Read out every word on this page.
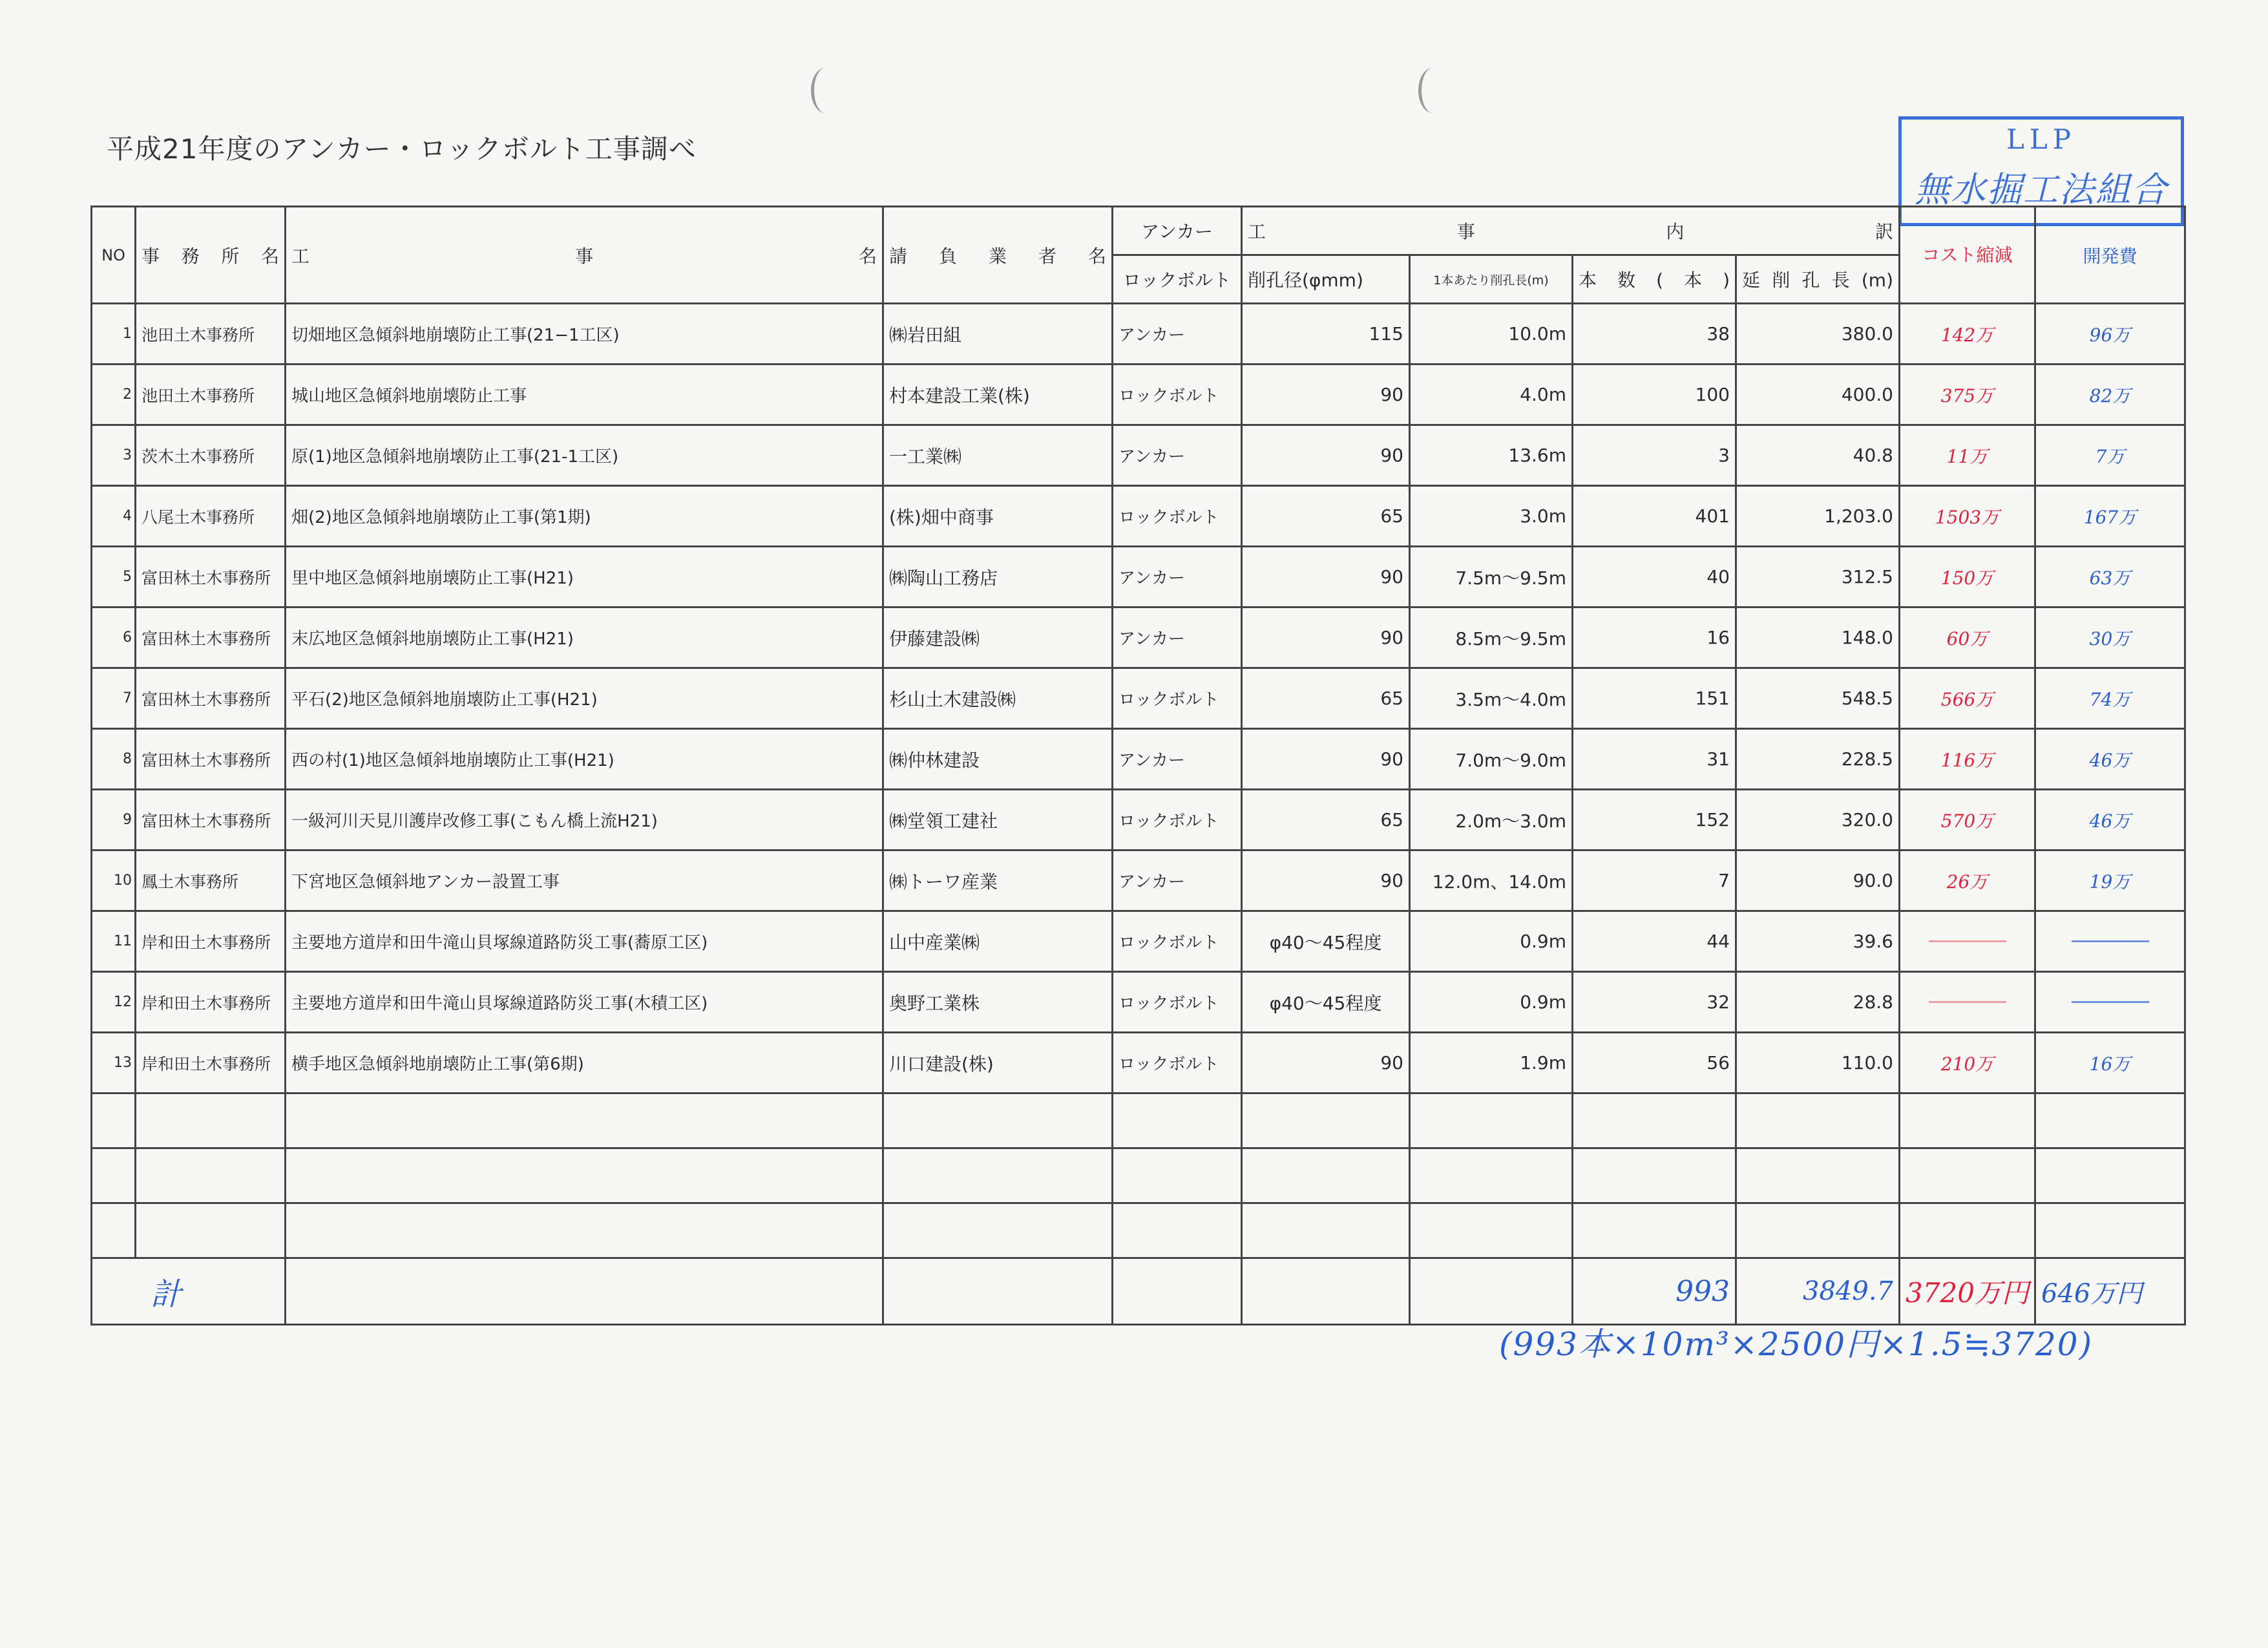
平成21年度のアンカー・ロックボルト工事調べ	LLP
無水掘工法組合
NO	事　務　所　名	工 事 名	請　負　業　者　名	アンカー	工 事 内 訳				コスト縮減	開発費
				ロックボルト	削孔径(φmm)	1本あたり削孔長(m)	本　数　(　本　)	延削孔長(m)		
1	池田土木事務所	切畑地区急傾斜地崩壊防止工事(21−1工区)	㈱岩田組	アンカー	115	10.0m	38	380.0	142万	96万
2	池田土木事務所	城山地区急傾斜地崩壊防止工事	村本建設工業(株)	ロックボルト	90	4.0m	100	400.0	375万	82万
3	茨木土木事務所	原(1)地区急傾斜地崩壊防止工事(21-1工区)	一工業㈱	アンカー	90	13.6m	3	40.8	11万	7万
4	八尾土木事務所	畑(2)地区急傾斜地崩壊防止工事(第1期)	(株)畑中商事	ロックボルト	65	3.0m	401	1,203.0	1503万	167万
5	富田林土木事務所	里中地区急傾斜地崩壊防止工事(H21)	㈱陶山工務店	アンカー	90	7.5m〜9.5m	40	312.5	150万	63万
6	富田林土木事務所	末広地区急傾斜地崩壊防止工事(H21)	伊藤建設㈱	アンカー	90	8.5m〜9.5m	16	148.0	60万	30万
7	富田林土木事務所	平石(2)地区急傾斜地崩壊防止工事(H21)	杉山土木建設㈱	ロックボルト	65	3.5m〜4.0m	151	548.5	566万	74万
8	富田林土木事務所	西の村(1)地区急傾斜地崩壊防止工事(H21)	㈱仲林建設	アンカー	90	7.0m〜9.0m	31	228.5	116万	46万
9	富田林土木事務所	一級河川天見川護岸改修工事(こもん橋上流H21)	㈱堂領工建社	ロックボルト	65	2.0m〜3.0m	152	320.0	570万	46万
10	鳳土木事務所	下宮地区急傾斜地アンカー設置工事	㈱トーワ産業	アンカー	90	12.0m、14.0m	7	90.0	26万	19万
11	岸和田土木事務所	主要地方道岸和田牛滝山貝塚線道路防災工事(蕎原工区)	山中産業㈱	ロックボルト	φ40〜45程度	0.9m	44	39.6		
12	岸和田土木事務所	主要地方道岸和田牛滝山貝塚線道路防災工事(木積工区)	奥野工業株	ロックボルト	φ40〜45程度	0.9m	32	28.8		
13	岸和田土木事務所	横手地区急傾斜地崩壊防止工事(第6期)	川口建設(株)	ロックボルト	90	1.9m	56	110.0	210万	16万

計							993	3849.7	3720万円	646万円
(993本×10m³×2500円×1.5≒3720)
